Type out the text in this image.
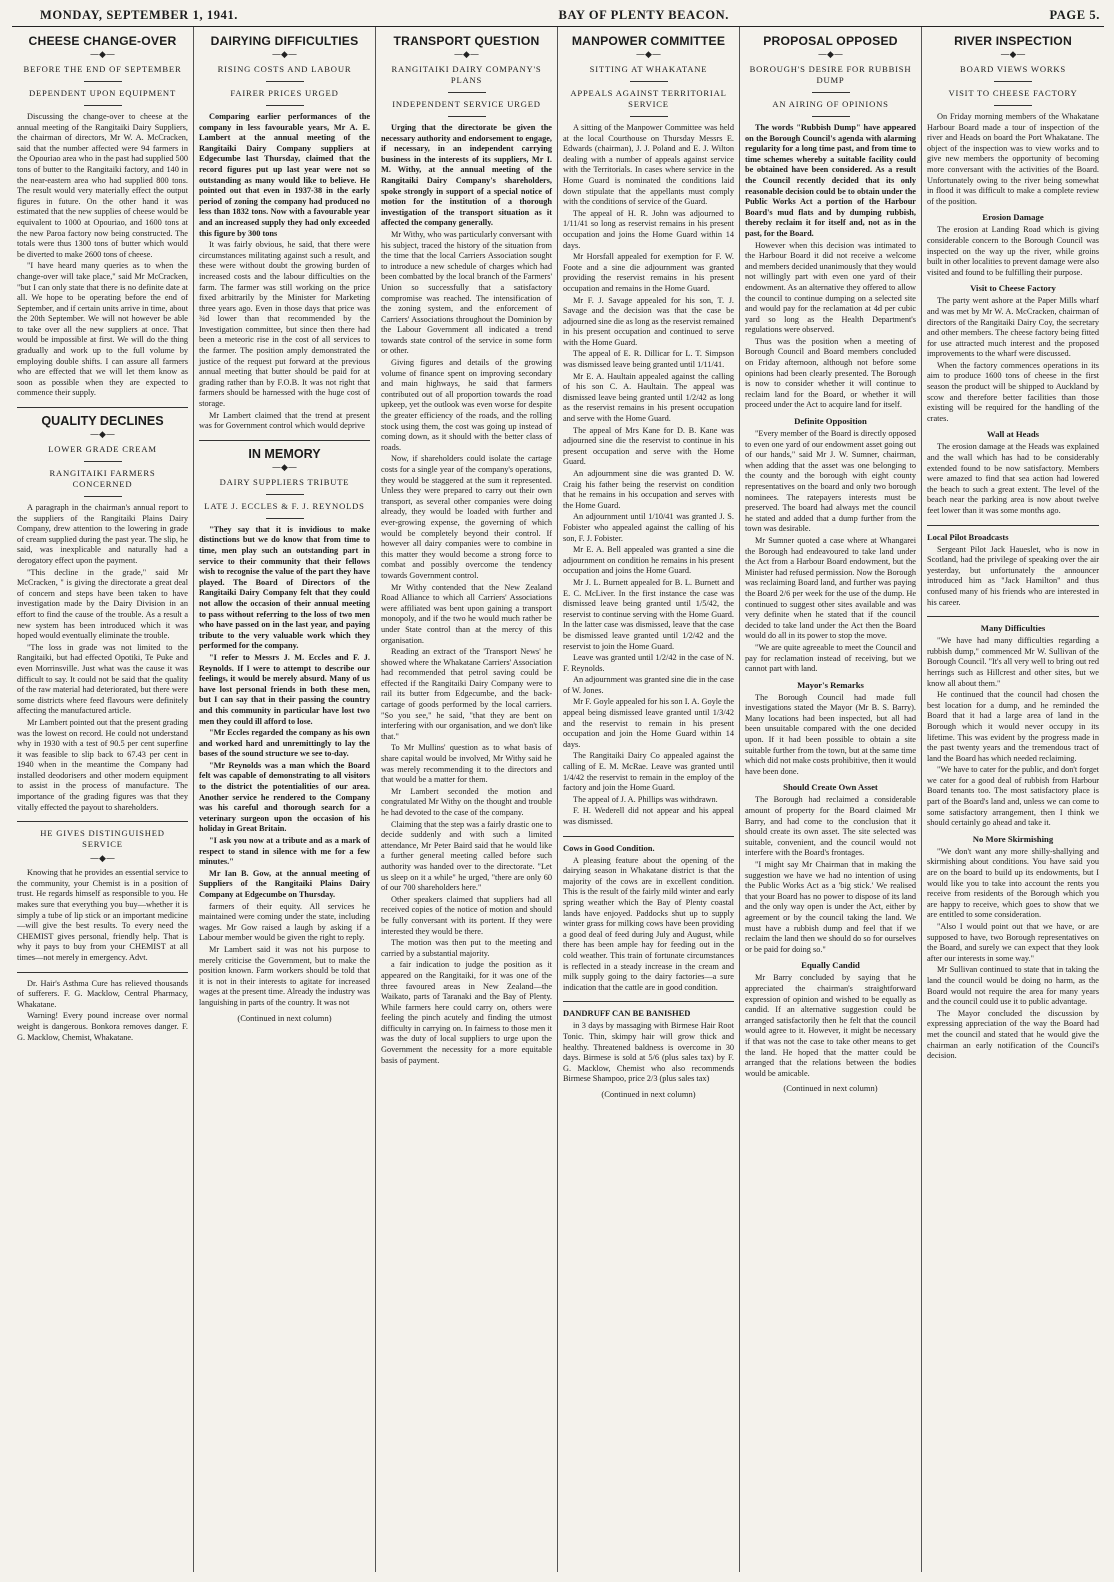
MONDAY, SEPTEMBER 1, 1941.	BAY OF PLENTY BEACON.	PAGE 5.
CHEESE CHANGE-OVER
—◆—
BEFORE THE END OF SEPTEMBER
DEPENDENT UPON EQUIPMENT
Discussing the change-over to cheese at the annual meeting of the Rangitaiki Dairy Suppliers, the chairman of directors, Mr W. A. McCracken, said that the number affected were 94 farmers in the Opouriao area who in the past had supplied 500 tons of butter to the Rangitaiki factory, and 140 in the near-eastern area who had supplied 800 tons. The result would very materially effect the output figures in future. On the other hand it was estimated that the new supplies of cheese would be equivalent to 1000 at Opouriao, and 1600 tons at the new Paroa factory now being constructed. The totals were thus 1300 tons of butter which would be diverted to make 2600 tons of cheese.
"I have heard many queries as to when the change-over will take place," said Mr McCracken, "but I can only state that there is no definite date at all. We hope to be operating before the end of September, and if certain units arrive in time, about the 20th September. We will not however be able to take over all the new suppliers at once. That would be impossible at first. We will do the thing gradually and work up to the full volume by employing double shifts. I can assure all farmers who are effected that we will let them know as soon as possible when they are expected to commence their supply.
QUALITY DECLINES
—◆—
LOWER GRADE CREAM
RANGITAIKI FARMERS CONCERNED
A paragraph in the chairman's annual report to the suppliers of the Rangitaiki Plains Dairy Company, drew attention to the lowering in grade of cream supplied during the past year. The slip, he said, was inexplicable and naturally had a derogatory effect upon the payment.
"This decline in the grade," said Mr McCracken, " is giving the directorate a great deal of concern and steps have been taken to have investigation made by the Dairy Division in an effort to find the cause of the trouble. As a result a new system has been introduced which it was hoped would eventually eliminate the trouble.
"The loss in grade was not limited to the Rangitaiki, but had effected Opotiki, Te Puke and even Morrinsville. Just what was the cause it was difficult to say. It could not be said that the quality of the raw material had deteriorated, but there were some districts where feed flavours were definitely affecting the manufactured article.
Mr Lambert pointed out that the present grading was the lowest on record. He could not understand why in 1930 with a test of 90.5 per cent superfine it was feasible to slip back to 67.43 per cent in 1940 when in the meantime the Company had installed deodorisers and other modern equipment to assist in the process of manufacture. The importance of the grading figures was that they vitally effected the payout to shareholders.
HE GIVES DISTINGUISHED SERVICE
—◆—
Knowing that he provides an essential service to the community, your Chemist is in a position of trust. He regards himself as responsible to you. He makes sure that everything you buy—whether it is simply a tube of lip stick or an important medicine—will give the best results. To every need the CHEMIST gives personal, friendly help. That is why it pays to buy from your CHEMIST at all times—not merely in emergency. Advt.
Dr. Hair's Asthma Cure has relieved thousands of sufferers. F. G. Macklow, Central Pharmacy, Whakatane.
Warning! Every pound increase over normal weight is dangerous. Bonkora removes danger. F. G. Macklow, Chemist, Whakatane.
DAIRYING DIFFICULTIES
—◆—
RISING COSTS AND LABOUR
FAIRER PRICES URGED
Comparing earlier performances of the company in less favourable years, Mr A. E. Lambert at the annual meeting of the Rangitaiki Dairy Company suppliers at Edgecumbe last Thursday, claimed that the record figures put up last year were not so outstanding as many would like to believe. He pointed out that even in 1937-38 in the early period of zoning the company had produced no less than 1832 tons. Now with a favourable year and an increased supply they had only exceeded this figure by 300 tons
It was fairly obvious, he said, that there were circumstances militating against such a result, and these were without doubt the growing burden of increased costs and the labour difficulties on the farm. The farmer was still working on the price fixed arbitrarily by the Minister for Marketing three years ago. Even in those days that price was ¾d lower than that recommended by the Investigation committee, but since then there had been a meteoric rise in the cost of all services to the farmer. The position amply demonstrated the justice of the request put forward at the previous annual meeting that butter should be paid for at grading rather than by F.O.B. It was not right that farmers should be harnessed with the huge cost of storage.
Mr Lambert claimed that the trend at present was for Government control which would deprive
IN MEMORY
—◆—
DAIRY SUPPLIERS TRIBUTE
LATE J. ECCLES & F. J. REYNOLDS
"They say that it is invidious to make distinctions but we do know that from time to time, men play such an outstanding part in service to their community that their fellows wish to recognise the value of the part they have played. The Board of Directors of the Rangitaiki Dairy Company felt that they could not allow the occasion of their annual meeting to pass without referring to the loss of two men who have passed on in the last year, and paying tribute to the very valuable work which they performed for the company.
"I refer to Messrs J. M. Eccles and F. J. Reynolds. If I were to attempt to describe our feelings, it would be merely absurd. Many of us have lost personal friends in both these men, but I can say that in their passing the country and this community in particular have lost two men they could ill afford to lose.
"Mr Eccles regarded the company as his own and worked hard and unremittingly to lay the bases of the sound structure we see to-day.
"Mr Reynolds was a man which the Board felt was capable of demonstrating to all visitors to the district the potentialities of our area. Another service he rendered to the Company was his careful and thorough search for a veterinary surgeon upon the occasion of his holiday in Great Britain.
"I ask you now at a tribute and as a mark of respect to stand in silence with me for a few minutes."
Mr Ian B. Gow, at the annual meeting of Suppliers of the Rangitaiki Plains Dairy Company at Edgecumbe on Thursday.
farmers of their equity. All services he maintained were coming under the state, including wages. Mr Gow raised a laugh by asking if a Labour member would be given the right to reply.
Mr Lambert said it was not his purpose to merely criticise the Government, but to make the position known. Farm workers should be told that it is not in their interests to agitate for increased wages at the present time. Already the industry was languishing in parts of the country. It was not
(Continued in next column)
TRANSPORT QUESTION
—◆—
RANGITAIKI DAIRY COMPANY'S PLANS
INDEPENDENT SERVICE URGED
Urging that the directorate be given the necessary authority and endorsement to engage, if necessary, in an independent carrying business in the interests of its suppliers, Mr I. M. Withy, at the annual meeting of the Rangitaiki Dairy Company's shareholders, spoke strongly in support of a special notice of motion for the institution of a thorough investigation of the transport situation as it affected the company generally.
Mr Withy, who was particularly conversant with his subject, traced the history of the situation from the time that the local Carriers Association sought to introduce a new schedule of charges which had been combatted by the local branch of the Farmers' Union so successfully that a satisfactory compromise was reached. The intensification of the zoning system, and the enforcement of Carriers' Associations throughout the Dominion by the Labour Government all indicated a trend towards state control of the service in some form or other.
Giving figures and details of the growing volume of finance spent on improving secondary and main highways, he said that farmers contributed out of all proportion towards the road upkeep, yet the outlook was even worse for despite the greater efficiency of the roads, and the rolling stock using them, the cost was going up instead of coming down, as it should with the better class of roads.
Now, if shareholders could isolate the cartage costs for a single year of the company's operations, they would be staggered at the sum it represented. Unless they were prepared to carry out their own transport, as several other companies were doing already, they would be loaded with further and ever-growing expense, the governing of which would be completely beyond their control. If however all dairy companies were to combine in this matter they would become a strong force to combat and possibly overcome the tendency towards Government control.
Mr Withy contended that the New Zealand Road Alliance to which all Carriers' Associations were affiliated was bent upon gaining a transport monopoly, and if the two he would much rather be under State control than at the mercy of this organisation.
Reading an extract of the 'Transport News' he showed where the Whakatane Carriers' Association had recommended that petrol saving could be effected if the Rangitaiki Dairy Company were to rail its butter from Edgecumbe, and the back-cartage of goods performed by the local carriers. "So you see," he said, "that they are bent on interfering with our organisation, and we don't like that."
To Mr Mullins' question as to what basis of share capital would be involved, Mr Withy said he was merely recommending it to the directors and that would be a matter for them.
Mr Lambert seconded the motion and congratulated Mr Withy on the thought and trouble he had devoted to the case of the company.
Claiming that the step was a fairly drastic one to decide suddenly and with such a limited attendance, Mr Peter Baird said that he would like a further general meeting called before such authority was handed over to the directorate. "Let us sleep on it a while" he urged, "there are only 60 of our 700 shareholders here."
Other speakers claimed that suppliers had all received copies of the notice of motion and should be fully conversant with its portent. If they were interested they would be there.
The motion was then put to the meeting and carried by a substantial majority.
a fair indication to judge the position as it appeared on the Rangitaiki, for it was one of the three favoured areas in New Zealand—the Waikato, parts of Taranaki and the Bay of Plenty. While farmers here could carry on, others were feeling the pinch acutely and finding the utmost difficulty in carrying on. In fairness to those men it was the duty of local suppliers to urge upon the Government the necessity for a more equitable basis of payment.
MANPOWER COMMITTEE
—◆—
SITTING AT WHAKATANE
APPEALS AGAINST TERRITORIAL SERVICE
A sitting of the Manpower Committee was held at the local Courthouse on Thursday Messrs E. Edwards (chairman), J. J. Poland and E. J. Wilton dealing with a number of appeals against service with the Territorials. In cases where service in the Home Guard is nominated the conditions laid down stipulate that the appellants must comply with the conditions of service of the Guard.
The appeal of H. R. John was adjourned to 1/11/41 so long as reservist remains in his present occupation and joins the Home Guard within 14 days.
Mr Horsfall appealed for exemption for F. W. Foote and a sine die adjournment was granted providing the reservist remains in his present occupation and remains in the Home Guard.
Mr F. J. Savage appealed for his son, T. J. Savage and the decision was that the case be adjourned sine die as long as the reservist remained in his present occupation and continued to serve with the Home Guard.
The appeal of E. R. Dillicar for L. T. Simpson was dismissed leave being granted until 1/11/41.
Mr E. A. Haultain appealed against the calling of his son C. A. Haultain. The appeal was dismissed leave being granted until 1/2/42 as long as the reservist remains in his present occupation and serve with the Home Guard.
The appeal of Mrs Kane for D. B. Kane was adjourned sine die the reservist to continue in his present occupation and serve with the Home Guard.
An adjournment sine die was granted D. W. Craig his father being the reservist on condition that he remains in his occupation and serves with the Home Guard.
An adjournment until 1/10/41 was granted J. S. Fobister who appealed against the calling of his son, F. J. Fobister.
Mr E. A. Bell appealed was granted a sine die adjournment on condition he remains in his present occupation and joins the Home Guard.
Mr J. L. Burnett appealed for B. L. Burnett and E. C. McLiver. In the first instance the case was dismissed leave being granted until 1/5/42, the reservist to continue serving with the Home Guard. In the latter case was dismissed, leave that the case be dismissed leave granted until 1/2/42 and the reservist to join the Home Guard.
Leave was granted until 1/2/42 in the case of N. F. Reynolds.
An adjournment was granted sine die in the case of W. Jones.
Mr F. Goyle appealed for his son I. A. Goyle the appeal being dismissed leave granted until 1/3/42 and the reservist to remain in his present occupation and join the Home Guard within 14 days.
The Rangitaiki Dairy Co appealed against the calling of E. M. McRae. Leave was granted until 1/4/42 the reservist to remain in the employ of the factory and join the Home Guard.
The appeal of J. A. Phillips was withdrawn.
F. H. Wederell did not appear and his appeal was dismissed.
Cows in Good Condition.
A pleasing feature about the opening of the dairying season in Whakatane district is that the majority of the cows are in excellent condition. This is the result of the fairly mild winter and early spring weather which the Bay of Plenty coastal lands have enjoyed. Paddocks shut up to supply winter grass for milking cows have been providing a good deal of feed during July and August, while there has been ample hay for feeding out in the cold weather. This train of fortunate circumstances is reflected in a steady increase in the cream and milk supply going to the dairy factories—a sure indication that the cattle are in good condition.
DANDRUFF CAN BE BANISHED
in 3 days by massaging with Birmese Hair Root Tonic. Thin, skimpy hair will grow thick and healthy. Threatened baldness is overcome in 30 days. Birmese is sold at 5/6 (plus sales tax) by F. G. Macklow, Chemist who also recommends Birmese Shampoo, price 2/3 (plus sales tax)
(Continued in next column)
PROPOSAL OPPOSED
—◆—
BOROUGH'S DESIRE FOR RUBBISH DUMP
AN AIRING OF OPINIONS
The words "Rubbish Dump" have appeared on the Borough Council's agenda with alarming regularity for a long time past, and from time to time schemes whereby a suitable facility could be obtained have been considered. As a result the Council recently decided that its only reasonable decision could be to obtain under the Public Works Act a portion of the Harbour Board's mud flats and by dumping rubbish, thereby reclaim it for itself and, not as in the past, for the Board.
However when this decision was intimated to the Harbour Board it did not receive a welcome and members decided unanimously that they would not willingly part with even one yard of their endowment. As an alternative they offered to allow the council to continue dumping on a selected site and would pay for the reclamation at 4d per cubic yard so long as the Health Department's regulations were observed.
Thus was the position when a meeting of Borough Council and Board members concluded on Friday afternoon, although not before some opinions had been clearly presented. The Borough is now to consider whether it will continue to reclaim land for the Board, or whether it will proceed under the Act to acquire land for itself.
Definite Opposition
"Every member of the Board is directly opposed to even one yard of our endowment asset going out of our hands," said Mr J. W. Sumner, chairman, when adding that the asset was one belonging to the county and the borough with eight county representatives on the board and only two borough nominees. The ratepayers interests must be preserved. The board had always met the council he stated and added that a dump further from the town was desirable.
Mr Sumner quoted a case where at Whangarei the Borough had endeavoured to take land under the Act from a Harbour Board endowment, but the Minister had refused permission. Now the Borough was reclaiming Board land, and further was paying the Board 2/6 per week for the use of the dump. He continued to suggest other sites available and was very definite when he stated that if the council decided to take land under the Act then the Board would do all in its power to stop the move.
"We are quite agreeable to meet the Council and pay for reclamation instead of receiving, but we cannot part with land.
Mayor's Remarks
The Borough Council had made full investigations stated the Mayor (Mr B. S. Barry). Many locations had been inspected, but all had been unsuitable compared with the one decided upon. If it had been possible to obtain a site suitable further from the town, but at the same time which did not make costs prohibitive, then it would have been done.
Should Create Own Asset
The Borough had reclaimed a considerable amount of property for the Board claimed Mr Barry, and had come to the conclusion that it should create its own asset. The site selected was suitable, convenient, and the council would not interfere with the Board's frontages.
"I might say Mr Chairman that in making the suggestion we have we had no intention of using the Public Works Act as a 'big stick.' We realised that your Board has no power to dispose of its land and the only way open is under the Act, either by agreement or by the council taking the land. We must have a rubbish dump and feel that if we reclaim the land then we should do so for ourselves or be paid for doing so."
Equally Candid
Mr Barry concluded by saying that he appreciated the chairman's straightforward expression of opinion and wished to be equally as candid. If an alternative suggestion could be arranged satisfactorily then he felt that the council would agree to it. However, it might be necessary if that was not the case to take other means to get the land. He hoped that the matter could be arranged that the relations between the bodies would be amicable.
(Continued in next column)
RIVER INSPECTION
—◆—
BOARD VIEWS WORKS
VISIT TO CHEESE FACTORY
On Friday morning members of the Whakatane Harbour Board made a tour of inspection of the river and Heads on board the Port Whakatane. The object of the inspection was to view works and to give new members the opportunity of becoming more conversant with the activities of the Board. Unfortunately owing to the river being somewhat in flood it was difficult to make a complete review of the position.
Erosion Damage
The erosion at Landing Road which is giving considerable concern to the Borough Council was inspected on the way up the river, while groins built in other localities to prevent damage were also visited and found to be fulfilling their purpose.
Visit to Cheese Factory
The party went ashore at the Paper Mills wharf and was met by Mr W. A. McCracken, chairman of directors of the Rangitaiki Dairy Coy, the secretary and other members. The cheese factory being fitted for use attracted much interest and the proposed improvements to the wharf were discussed.
When the factory commences operations in its aim to produce 1600 tons of cheese in the first season the product will be shipped to Auckland by scow and therefore better facilities than those existing will be required for the handling of the crates.
Wall at Heads
The erosion damage at the Heads was explained and the wall which has had to be considerably extended found to be now satisfactory. Members were amazed to find that sea action had lowered the beach to such a great extent. The level of the beach near the parking area is now about twelve feet lower than it was some months ago.
Local Pilot Broadcasts
Sergeant Pilot Jack Haueslet, who is now in Scotland, had the privilege of speaking over the air yesterday, but unfortunately the announcer introduced him as "Jack Hamilton" and thus confused many of his friends who are interested in his career.
Many Difficulties
"We have had many difficulties regarding a rubbish dump," commenced Mr W. Sullivan of the Borough Council. "It's all very well to bring out red herrings such as Hillcrest and other sites, but we know all about them."
He continued that the council had chosen the best location for a dump, and he reminded the Board that it had a large area of land in the Borough which it would never occupy in its lifetime. This was evident by the progress made in the past twenty years and the tremendous tract of land the Board has which needed reclaiming.
"We have to cater for the public, and don't forget we cater for a good deal of rubbish from Harbour Board tenants too. The most satisfactory place is part of the Board's land and, unless we can come to some satisfactory arrangement, then I think we should certainly go ahead and take it.
No More Skirmishing
"We don't want any more shilly-shallying and skirmishing about conditions. You have said you are on the board to build up its endowments, but I would like you to take into account the rents you receive from residents of the Borough which you are happy to receive, which goes to show that we are entitled to some consideration.
"Also I would point out that we have, or are supposed to have, two Borough representatives on the Board, and surely we can expect that they look after our interests in some way."
Mr Sullivan continued to state that in taking the land the council would be doing no harm, as the Board would not require the area for many years and the council could use it to public advantage.
The Mayor concluded the discussion by expressing appreciation of the way the Board had met the council and stated that he would give the chairman an early notification of the Council's decision.
